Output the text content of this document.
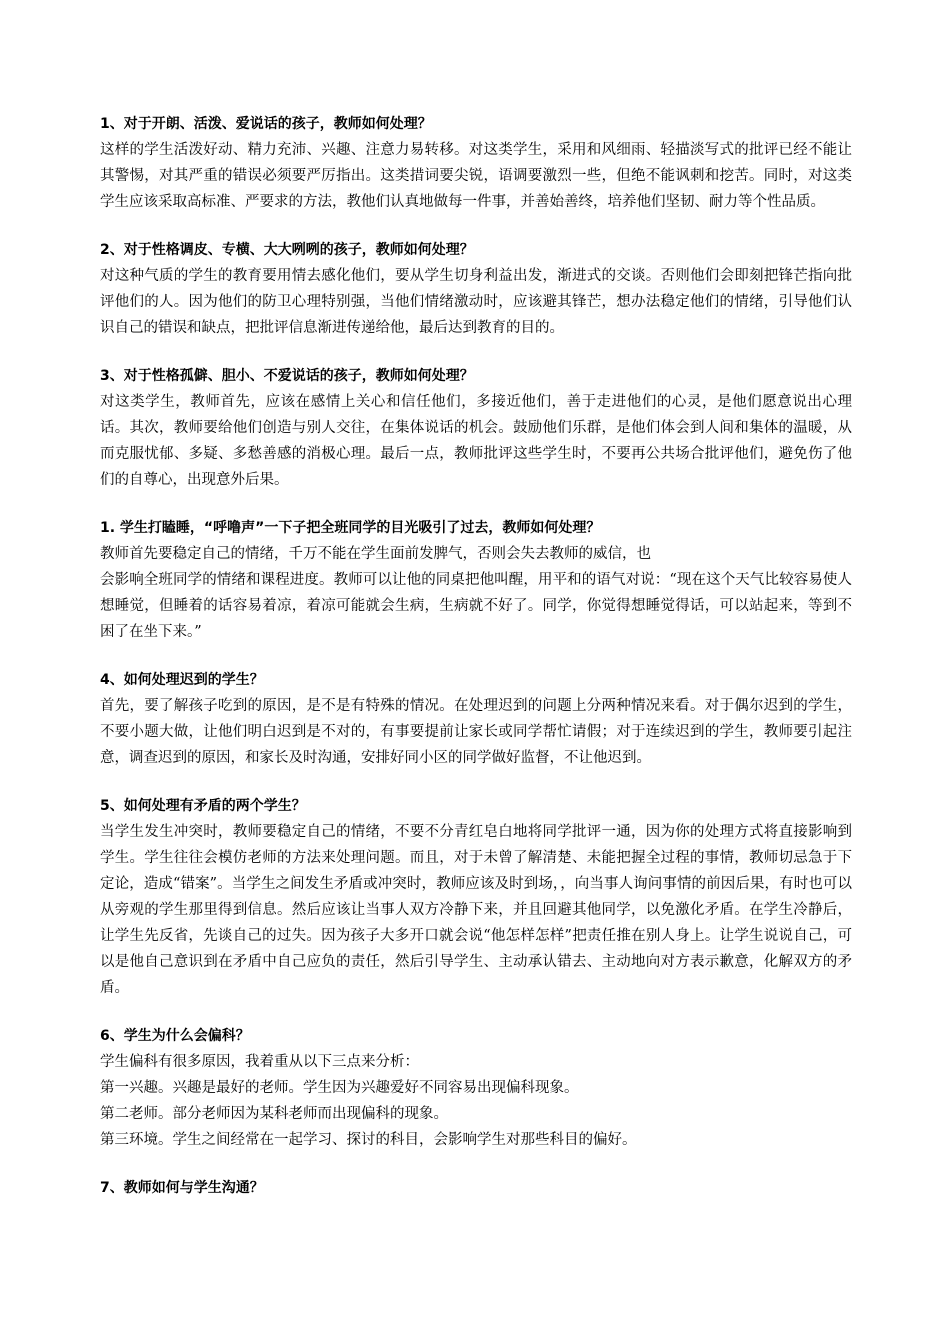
1、对于开朗、活泼、爱说话的孩子，教师如何处理？

这样的学生活泼好动、精力充沛、兴趣、注意力易转移。对这类学生，采用和风细雨、轻描淡写式的批评已经不能让其警惕，对其严重的错误必须要严厉指出。这类措词要尖锐，语调要激烈一些，但绝不能讽刺和挖苦。同时，对这类学生应该采取高标准、严要求的方法，教他们认真地做每一件事，并善始善终，培养他们坚韧、耐力等个性品质。

2、对于性格调皮、专横、大大咧咧的孩子，教师如何处理？

对这种气质的学生的教育要用情去感化他们，要从学生切身利益出发，渐进式的交谈。否则他们会即刻把锋芒指向批评他们的人。因为他们的防卫心理特别强，当他们情绪激动时，应该避其锋芒，想办法稳定他们的情绪，引导他们认识自己的错误和缺点，把批评信息渐进传递给他，最后达到教育的目的。

3、对于性格孤僻、胆小、不爱说话的孩子，教师如何处理？

对这类学生，教师首先，应该在感情上关心和信任他们，多接近他们，善于走进他们的心灵，是他们愿意说出心理话。其次，教师要给他们创造与别人交往，在集体说话的机会。鼓励他们乐群，是他们体会到人间和集体的温暖，从而克服忧郁、多疑、多愁善感的消极心理。最后一点，教师批评这些学生时，不要再公共场合批评他们，避免伤了他们的自尊心，出现意外后果。

1. 学生打瞌睡，“呼噜声”一下子把全班同学的目光吸引了过去，教师如何处理？

教师首先要稳定自己的情绪，千万不能在学生面前发脾气，否则会失去教师的威信，也

会影响全班同学的情绪和课程进度。教师可以让他的同桌把他叫醒，用平和的语气对说：“现在这个天气比较容易使人想睡觉，但睡着的话容易着凉，着凉可能就会生病，生病就不好了。同学，你觉得想睡觉得话，可以站起来，等到不困了在坐下来。”

4、如何处理迟到的学生？

首先，要了解孩子吃到的原因，是不是有特殊的情况。在处理迟到的问题上分两种情况来看。对于偶尔迟到的学生，不要小题大做，让他们明白迟到是不对的，有事要提前让家长或同学帮忙请假；对于连续迟到的学生，教师要引起注意，调查迟到的原因，和家长及时沟通，安排好同小区的同学做好监督，不让他迟到。

5、如何处理有矛盾的两个学生？

当学生发生冲突时，教师要稳定自己的情绪，不要不分青红皂白地将同学批评一通，因为你的处理方式将直接影响到学生。学生往往会模仿老师的方法来处理问题。而且，对于未曾了解清楚、未能把握全过程的事情，教师切忌急于下定论，造成“错案”。当学生之间发生矛盾或冲突时，教师应该及时到场，，向当事人询问事情的前因后果，有时也可以从旁观的学生那里得到信息。然后应该让当事人双方冷静下来，并且回避其他同学，以免激化矛盾。在学生冷静后，让学生先反省，先谈自己的过失。因为孩子大多开口就会说“他怎样怎样”把责任推在别人身上。让学生说说自己，可以是他自己意识到在矛盾中自己应负的责任，然后引导学生、主动承认错去、主动地向对方表示歉意，化解双方的矛盾。

6、学生为什么会偏科？

学生偏科有很多原因，我着重从以下三点来分析：

第一兴趣。兴趣是最好的老师。学生因为兴趣爱好不同容易出现偏科现象。

第二老师。部分老师因为某科老师而出现偏科的现象。

第三环境。学生之间经常在一起学习、探讨的科目，会影响学生对那些科目的偏好。

7、教师如何与学生沟通？
